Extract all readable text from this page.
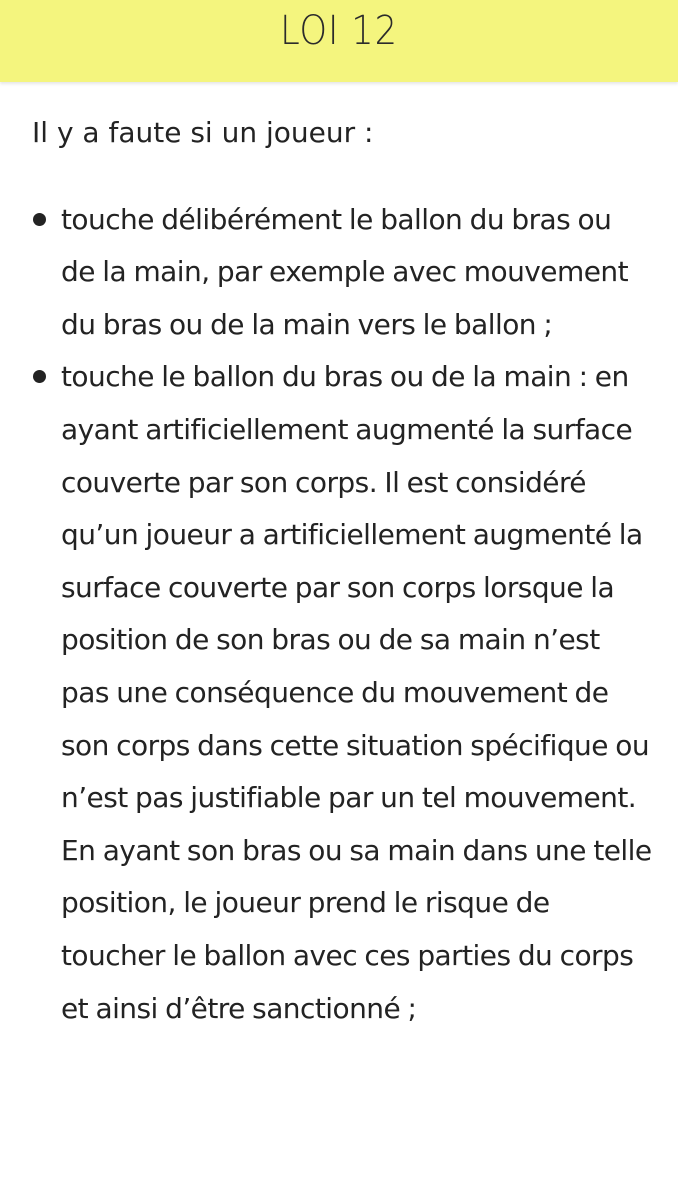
LOI 12
Il y a faute si un joueur :
touche délibérément le ballon du bras ou de la main, par exemple avec mouvement du bras ou de la main vers le ballon ;
touche le ballon du bras ou de la main : en ayant artificiellement augmenté la surface couverte par son corps. Il est considéré qu’un joueur a artificiellement augmenté la surface couverte par son corps lorsque la position de son bras ou de sa main n’est pas une conséquence du mouvement de son corps dans cette situation spécifique ou n’est pas justifiable par un tel mouvement. En ayant son bras ou sa main dans une telle position, le joueur prend le risque de toucher le ballon avec ces parties du corps et ainsi d’être sanctionné ;
